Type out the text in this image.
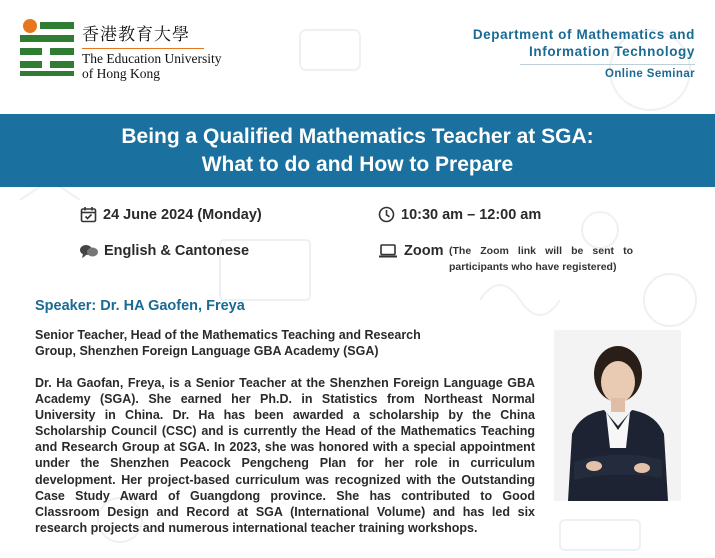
香港教育大學
The Education University
of Hong Kong
Department of Mathematics and
Information Technology
Online Seminar
Being a Qualified Mathematics Teacher at SGA:
What to do and How to Prepare
24 June 2024 (Monday)	10:30 am – 12:00 am
English & Cantonese	Zoom (The Zoom link will be sent to participants who have registered)
Speaker: Dr. HA Gaofen, Freya
Senior Teacher, Head of the Mathematics Teaching and Research Group, Shenzhen Foreign Language GBA Academy (SGA)
Dr. Ha Gaofan, Freya, is a Senior Teacher at the Shenzhen Foreign Language GBA Academy (SGA). She earned her Ph.D. in Statistics from Northeast Normal University in China. Dr. Ha has been awarded a scholarship by the China Scholarship Council (CSC) and is currently the Head of the Mathematics Teaching and Research Group at SGA. In 2023, she was honored with a special appointment under the Shenzhen Peacock Pengcheng Plan for her role in curriculum development. Her project-based curriculum was recognized with the Outstanding Case Study Award of Guangdong province. She has contributed to Good Classroom Design and Record at SGA (International Volume) and has led six research projects and numerous international teacher training workshops.
